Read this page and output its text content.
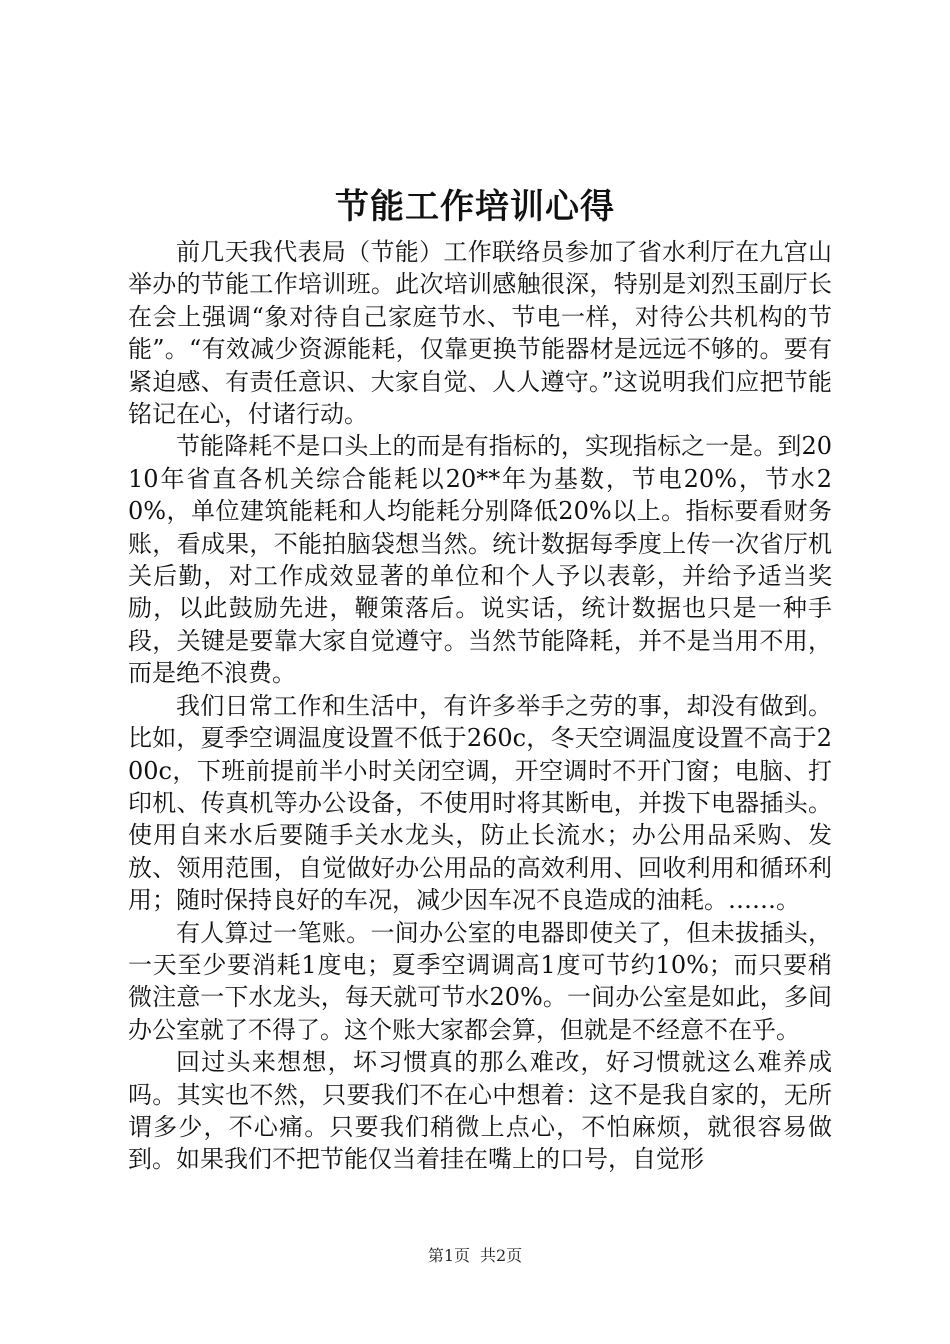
节能工作培训心得

前几天我代表局（节能）工作联络员参加了省水利厅在九宫山举办的节能工作培训班。此次培训感触很深，特别是刘烈玉副厅长在会上强调“象对待自己家庭节水、节电一样，对待公共机构的节能”。“有效减少资源能耗，仅靠更换节能器材是远远不够的。要有紧迫感、有责任意识、大家自觉、人人遵守。”这说明我们应把节能铭记在心，付诸行动。

节能降耗不是口头上的而是有指标的，实现指标之一是。到2010年省直各机关综合能耗以20**年为基数，节电20%，节水20%，单位建筑能耗和人均能耗分别降低20%以上。指标要看财务账，看成果，不能拍脑袋想当然。统计数据每季度上传一次省厅机关后勤，对工作成效显著的单位和个人予以表彰，并给予适当奖励，以此鼓励先进，鞭策落后。说实话，统计数据也只是一种手段，关键是要靠大家自觉遵守。当然节能降耗，并不是当用不用，而是绝不浪费。

我们日常工作和生活中，有许多举手之劳的事，却没有做到。比如，夏季空调温度设置不低于260c，冬天空调温度设置不高于200c，下班前提前半小时关闭空调，开空调时不开门窗；电脑、打印机、传真机等办公设备，不使用时将其断电，并拨下电器插头。使用自来水后要随手关水龙头，防止长流水；办公用品采购、发放、领用范围，自觉做好办公用品的高效利用、回收利用和循环利用；随时保持良好的车况，减少因车况不良造成的油耗。……。

有人算过一笔账。一间办公室的电器即使关了，但未拔插头，一天至少要消耗1度电；夏季空调调高1度可节约10%；而只要稍微注意一下水龙头，每天就可节水20%。一间办公室是如此，多间办公室就了不得了。这个账大家都会算，但就是不经意不在乎。

回过头来想想，坏习惯真的那么难改，好习惯就这么难养成吗。其实也不然，只要我们不在心中想着：这不是我自家的，无所谓多少，不心痛。只要我们稍微上点心，不怕麻烦，就很容易做到。如果我们不把节能仅当着挂在嘴上的口号，自觉形

第1页 共2页
